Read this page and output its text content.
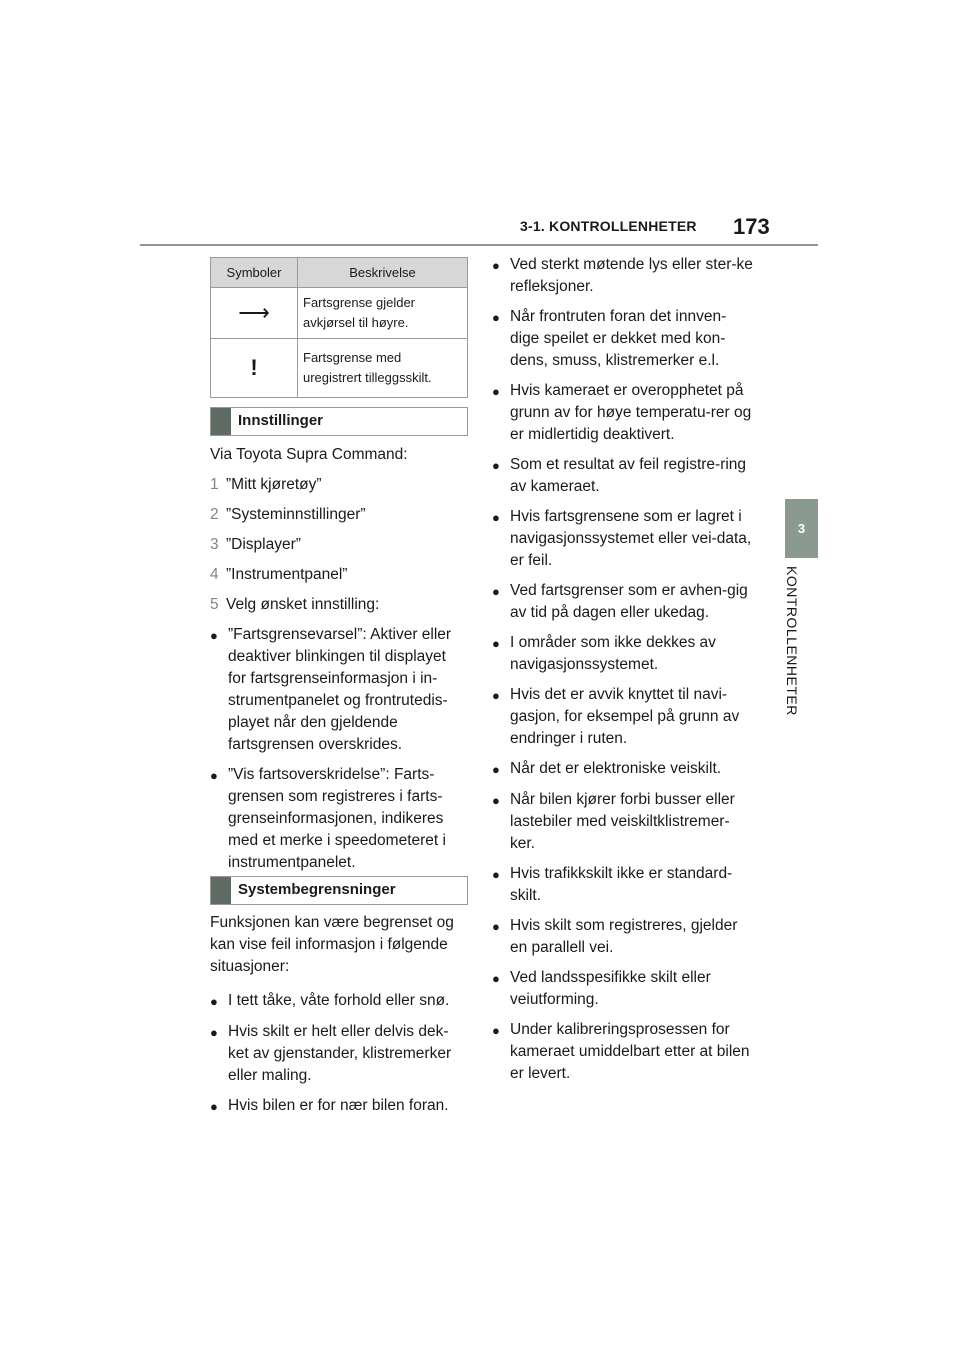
3-1. KONTROLLENHETER 173
3
KONTROLLENHETER
Symboler	Beskrivelse
⟶	Fartsgrense gjelder avkjørsel til høyre.
!	Fartsgrense med uregistrert tilleggsskilt.
Innstillinger

Via Toyota Supra Command:

1 ”Mitt kjøretøy”
2 ”Systeminnstillinger”
3 ”Displayer”
4 ”Instrumentpanel”
5 Velg ønsket innstilling:
● ”Fartsgrensevarsel”: Aktiver eller deaktiver blinkingen til displayet for fartsgrenseinformasjon i in-strumentpanelet og frontrutedis-playet når den gjeldende fartsgrensen overskrides.
● ”Vis fartsoverskridelse”: Farts-grensen som registreres i farts-grenseinformasjonen, indikeres med et merke i speedometeret i instrumentpanelet.
Systembegrensninger

Funksjonen kan være begrenset og kan vise feil informasjon i følgende situasjoner:

● I tett tåke, våte forhold eller snø.
● Hvis skilt er helt eller delvis dek-ket av gjenstander, klistremerker eller maling.
● Hvis bilen er for nær bilen foran.
● Ved sterkt møtende lys eller ster-ke refleksjoner.
● Når frontruten foran det innven-dige speilet er dekket med kon-dens, smuss, klistremerker e.l.
● Hvis kameraet er overopphetet på grunn av for høye temperatu-rer og er midlertidig deaktivert.
● Som et resultat av feil registre-ring av kameraet.
● Hvis fartsgrensene som er lagret i navigasjonssystemet eller vei-data, er feil.
● Ved fartsgrenser som er avhen-gig av tid på dagen eller ukedag.
● I områder som ikke dekkes av navigasjonssystemet.
● Hvis det er avvik knyttet til navi-gasjon, for eksempel på grunn av endringer i ruten.
● Når det er elektroniske veiskilt.
● Når bilen kjører forbi busser eller lastebiler med veiskiltklistremer-ker.
● Hvis trafikkskilt ikke er standard-skilt.
● Hvis skilt som registreres, gjelder en parallell vei.
● Ved landsspesifikke skilt eller veiutforming.
● Under kalibreringsprosessen for kameraet umiddelbart etter at bilen er levert.
